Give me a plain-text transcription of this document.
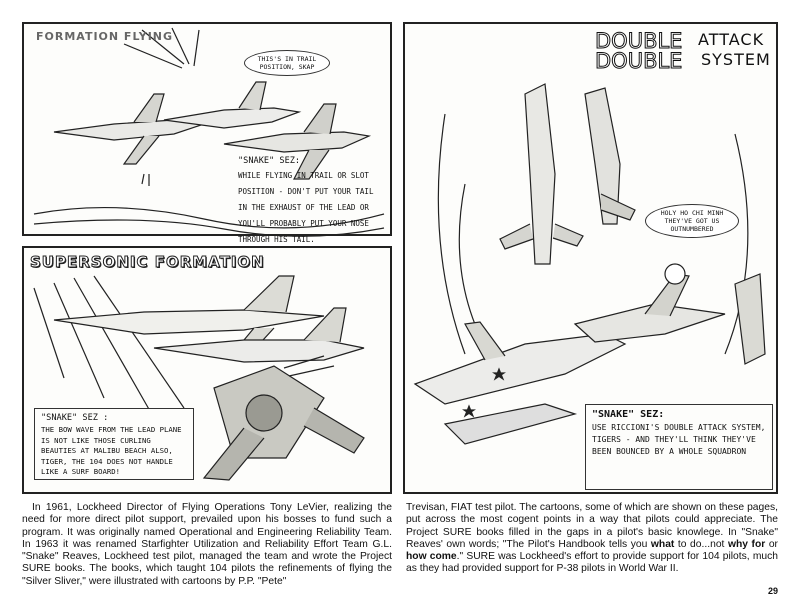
FORMATION FLYING
THIS'S IN TRAIL POSITION, SKAP
"SNAKE" SEZ:
WHILE FLYING IN TRAIL OR SLOT POSITION - DON'T PUT YOUR TAIL IN THE EXHAUST OF THE LEAD OR YOU'LL PROBABLY PUT YOUR NOSE THROUGH HIS TAIL.
SUPERSONIC FORMATION
"SNAKE" SEZ :
THE BOW WAVE FROM THE LEAD PLANE IS NOT LIKE THOSE CURLING BEAUTIES AT MALIBU BEACH ALSO, TIGER, THE 104 DOES NOT HANDLE LIKE A SURF BOARD!
DOUBLE
DOUBLE
ATTACK
SYSTEM
HOLY HO CHI MINH THEY'VE GOT US OUTNUMBERED
"SNAKE" SEZ:
USE RICCIONI'S DOUBLE ATTACK SYSTEM, TIGERS - AND THEY'LL THINK THEY'VE BEEN BOUNCED BY A WHOLE SQUADRON
In 1961, Lockheed Director of Flying Operations Tony LeVier, realizing the need for more direct pilot support, prevailed upon his bosses to fund such a program. It was originally named Operational and Engineering Reliability Team. In 1963 it was renamed Starfighter Utilization and Reliability Effort Team G.L. "Snake" Reaves, Lockheed test pilot, managed the team and wrote the Project SURE books. The books, which taught 104 pilots the refinements of flying the "Silver Sliver," were illustrated with cartoons by P.P. "Pete"
Trevisan, FIAT test pilot. The cartoons, some of which are shown on these pages, put across the most cogent points in a way that pilots could appreciate. The Project SURE books filled in the gaps in a pilot's basic knowlege. In "Snake" Reaves' own words; "The Pilot's Handbook tells you what to do...not why for or how come." SURE was Lockheed's effort to provide support for 104 pilots, much as they had provided support for P-38 pilots in World War II.
29
